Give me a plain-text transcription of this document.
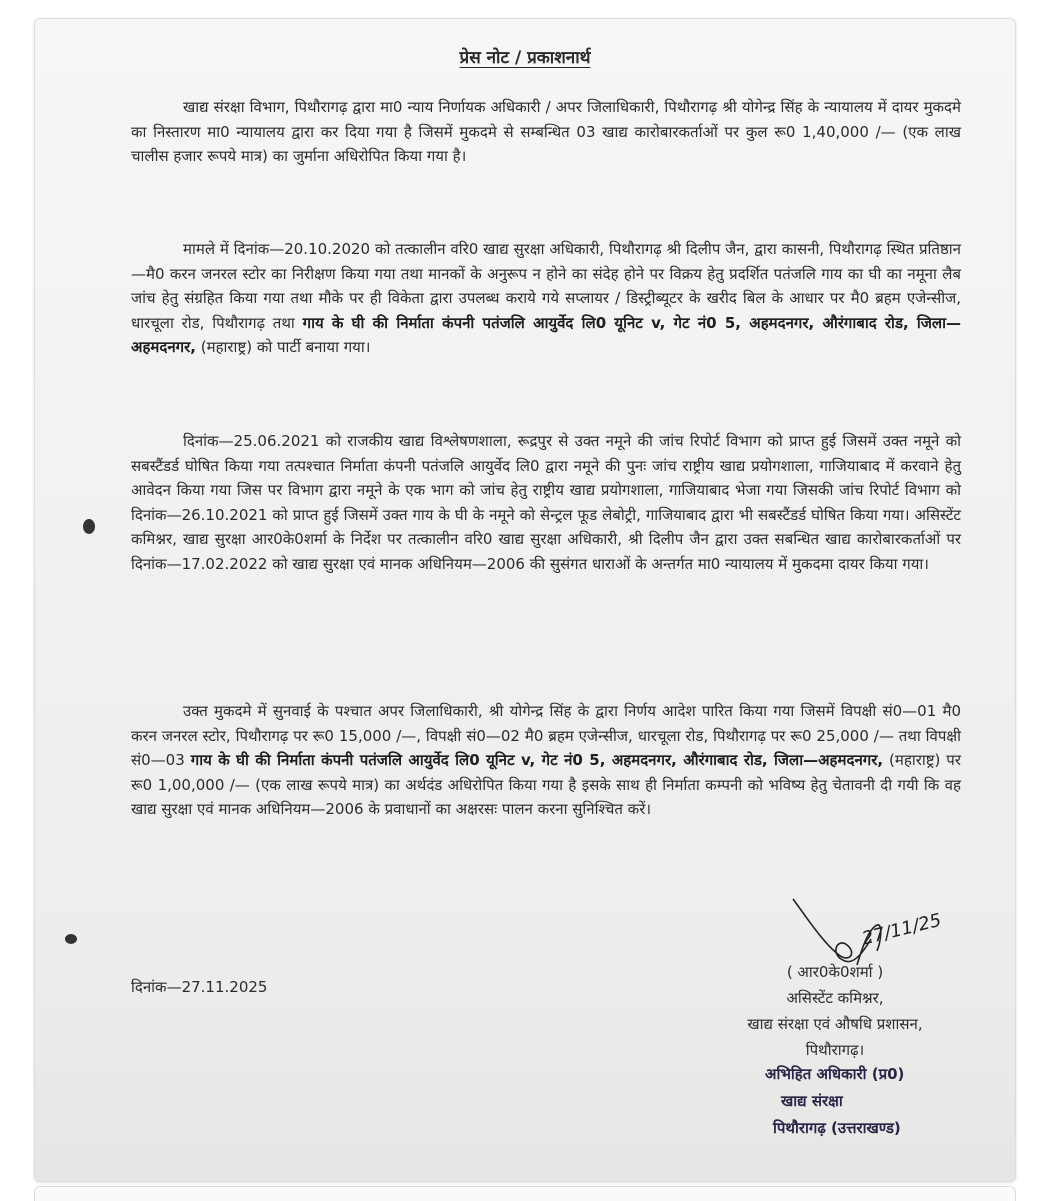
प्रेस नोट / प्रकाशनार्थ

खाद्य संरक्षा विभाग, पिथौरागढ़ द्वारा मा0 न्याय निर्णायक अधिकारी / अपर जिलाधिकारी, पिथौरागढ़ श्री योगेन्द्र सिंह के न्यायालय में दायर मुकदमे का निस्तारण मा0 न्यायालय द्वारा कर दिया गया है जिसमें मुकदमे से सम्बन्धित 03 खाद्य कारोबारकर्ताओं पर कुल रू0 1,40,000 /— (एक लाख चालीस हजार रूपये मात्र) का जुर्माना अधिरोपित किया गया है।

मामले में दिनांक—20.10.2020 को तत्कालीन वरि0 खाद्य सुरक्षा अधिकारी, पिथौरागढ़ श्री दिलीप जैन, द्वारा कासनी, पिथौरागढ़ स्थित प्रतिष्ठान—मै0 करन जनरल स्टोर का निरीक्षण किया गया तथा मानकों के अनुरूप न होने का संदेह होने पर विक्रय हेतु प्रदर्शित पतंजलि गाय का घी का नमूना लैब जांच हेतु संग्रहित किया गया तथा मौके पर ही विकेता द्वारा उपलब्ध कराये गये सप्लायर / डिस्ट्रीब्यूटर के खरीद बिल के आधार पर मै0 ब्रहम एजेन्सीज, धारचूला रोड, पिथौरागढ़ तथा गाय के घी की निर्माता कंपनी पतंजलि आयुर्वेद लि0 यूनिट v, गेट नं0 5, अहमदनगर, औरंगाबाद रोड, जिला—अहमदनगर, (महाराष्ट्र) को पार्टी बनाया गया।

दिनांक—25.06.2021 को राजकीय खाद्य विश्लेषणशाला, रूद्रपुर से उक्त नमूने की जांच रिपोर्ट विभाग को प्राप्त हुई जिसमें उक्त नमूने को सबस्टैंडर्ड घोषित किया गया तत्पश्चात निर्माता कंपनी पतंजलि आयुर्वेद लि0 द्वारा नमूने की पुनः जांच राष्ट्रीय खाद्य प्रयोगशाला, गाजियाबाद में करवाने हेतु आवेदन किया गया जिस पर विभाग द्वारा नमूने के एक भाग को जांच हेतु राष्ट्रीय खाद्य प्रयोगशाला, गाजियाबाद भेजा गया जिसकी जांच रिपोर्ट विभाग को दिनांक—26.10.2021 को प्राप्त हुई जिसमें उक्त गाय के घी के नमूने को सेन्ट्रल फूड लेबोट्री, गाजियाबाद द्वारा भी सबस्टैंडर्ड घोषित किया गया। असिस्टेंट कमिश्नर, खाद्य सुरक्षा आर0के0शर्मा के निर्देश पर तत्कालीन वरि0 खाद्य सुरक्षा अधिकारी, श्री दिलीप जैन द्वारा उक्त सबन्धित खाद्य कारोबारकर्ताओं पर दिनांक—17.02.2022 को खाद्य सुरक्षा एवं मानक अधिनियम—2006 की सुसंगत धाराओं के अन्तर्गत मा0 न्यायालय में मुकदमा दायर किया गया।

उक्त मुकदमे में सुनवाई के पश्चात अपर जिलाधिकारी, श्री योगेन्द्र सिंह के द्वारा निर्णय आदेश पारित किया गया जिसमें विपक्षी सं0—01 मै0 करन जनरल स्टोर, पिथौरागढ़ पर रू0 15,000 /—, विपक्षी सं0—02 मै0 ब्रहम एजेन्सीज, धारचूला रोड, पिथौरागढ़ पर रू0 25,000 /— तथा विपक्षी सं0—03 गाय के घी की निर्माता कंपनी पतंजलि आयुर्वेद लि0 यूनिट v, गेट नं0 5, अहमदनगर, औरंगाबाद रोड, जिला—अहमदनगर, (महाराष्ट्र) पर रू0 1,00,000 /— (एक लाख रूपये मात्र) का अर्थदंड अधिरोपित किया गया है इसके साथ ही निर्माता कम्पनी को भविष्य हेतु चेतावनी दी गयी कि वह खाद्य सुरक्षा एवं मानक अधिनियम—2006 के प्रवाधानों का अक्षरसः पालन करना सुनिश्चित करें।

दिनांक—27.11.2025
27/11/25
( आर0के0शर्मा )
असिस्टेंट कमिश्नर,
खाद्य संरक्षा एवं औषधि प्रशासन,
पिथौरागढ़।
अभिहित अधिकारी (प्र0)
खाद्य संरक्षा
पिथौरागढ़ (उत्तराखण्ड)
